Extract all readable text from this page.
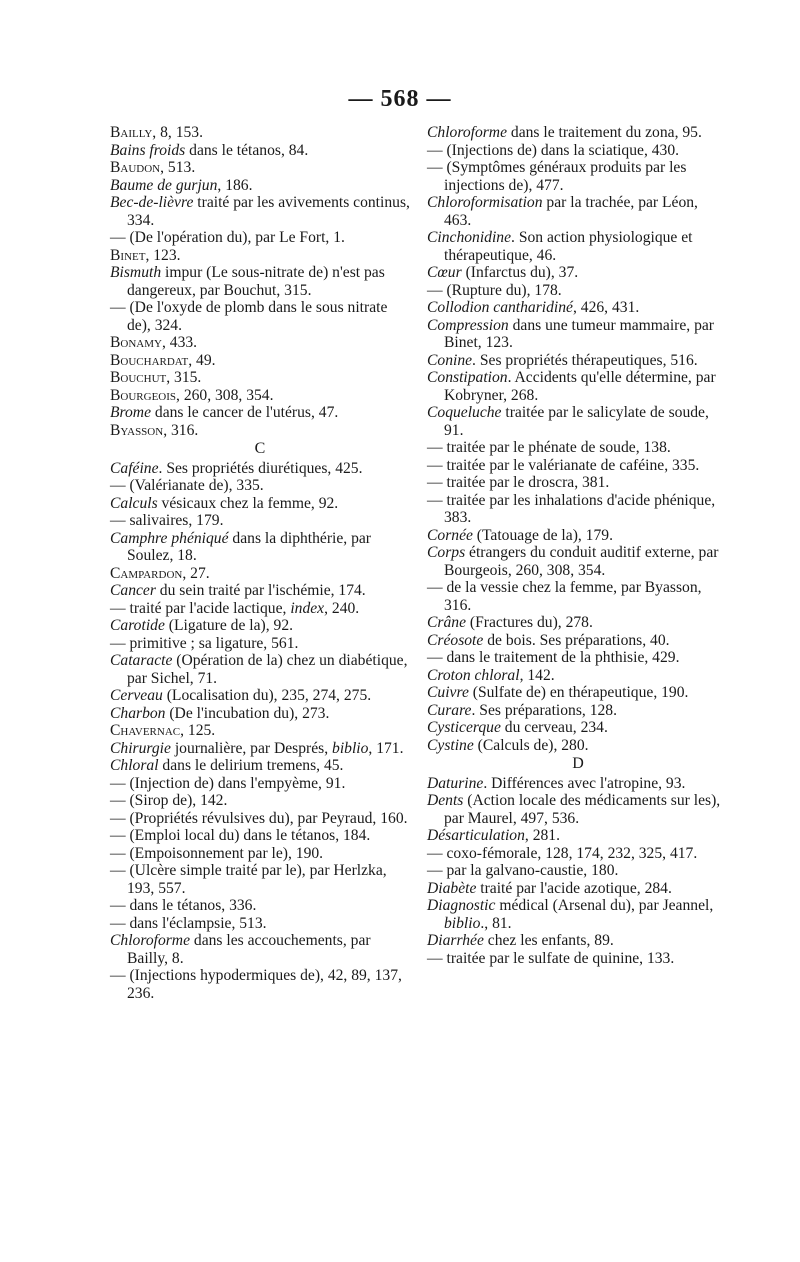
— 568 —

Bailly, 8, 153.

Bains froids dans le tétanos, 84.

Baudon, 513.

Baume de gurjun, 186.

Bec-de-lièvre traité par les avivements continus, 334.

— (De l'opération du), par Le Fort, 1.

Binet, 123.

Bismuth impur (Le sous-nitrate de) n'est pas dangereux, par Bouchut, 315.

— (De l'oxyde de plomb dans le sous nitrate de), 324.

Bonamy, 433.

Bouchardat, 49.

Bouchut, 315.

Bourgeois, 260, 308, 354.

Brome dans le cancer de l'utérus, 47.

Byasson, 316.

C

Caféine. Ses propriétés diurétiques, 425.

— (Valérianate de), 335.

Calculs vésicaux chez la femme, 92.

— salivaires, 179.

Camphre phéniqué dans la diphthérie, par Soulez, 18.

Campardon, 27.

Cancer du sein traité par l'ischémie, 174.

— traité par l'acide lactique, index, 240.

Carotide (Ligature de la), 92.

— primitive ; sa ligature, 561.

Cataracte (Opération de la) chez un diabétique, par Sichel, 71.

Cerveau (Localisation du), 235, 274, 275.

Charbon (De l'incubation du), 273.

Chavernac, 125.

Chirurgie journalière, par Després, biblio, 171.

Chloral dans le delirium tremens, 45.

— (Injection de) dans l'empyème, 91.

— (Sirop de), 142.

— (Propriétés révulsives du), par Peyraud, 160.

— (Emploi local du) dans le tétanos, 184.

— (Empoisonnement par le), 190.

— (Ulcère simple traité par le), par Herlzka, 193, 557.

— dans le tétanos, 336.

— dans l'éclampsie, 513.

Chloroforme dans les accouchements, par Bailly, 8.

— (Injections hypodermiques de), 42, 89, 137, 236.

Chloroforme dans le traitement du zona, 95.

— (Injections de) dans la sciatique, 430.

— (Symptômes généraux produits par les injections de), 477.

Chloroformisation par la trachée, par Léon, 463.

Cinchonidine. Son action physiologique et thérapeutique, 46.

Cœur (Infarctus du), 37.

— (Rupture du), 178.

Collodion cantharidiné, 426, 431.

Compression dans une tumeur mammaire, par Binet, 123.

Conine. Ses propriétés thérapeutiques, 516.

Constipation. Accidents qu'elle détermine, par Kobryner, 268.

Coqueluche traitée par le salicylate de soude, 91.

— traitée par le phénate de soude, 138.

— traitée par le valérianate de caféine, 335.

— traitée par le droscra, 381.

— traitée par les inhalations d'acide phénique, 383.

Cornée (Tatouage de la), 179.

Corps étrangers du conduit auditif externe, par Bourgeois, 260, 308, 354.

— de la vessie chez la femme, par Byasson, 316.

Crâne (Fractures du), 278.

Créosote de bois. Ses préparations, 40.

— dans le traitement de la phthisie, 429.

Croton chloral, 142.

Cuivre (Sulfate de) en thérapeutique, 190.

Curare. Ses préparations, 128.

Cysticerque du cerveau, 234.

Cystine (Calculs de), 280.

D

Daturine. Différences avec l'atropine, 93.

Dents (Action locale des médicaments sur les), par Maurel, 497, 536.

Désarticulation, 281.

— coxo-fémorale, 128, 174, 232, 325, 417.

— par la galvano-caustie, 180.

Diabète traité par l'acide azotique, 284.

Diagnostic médical (Arsenal du), par Jeannel, biblio., 81.

Diarrhée chez les enfants, 89.

— traitée par le sulfate de quinine, 133.
